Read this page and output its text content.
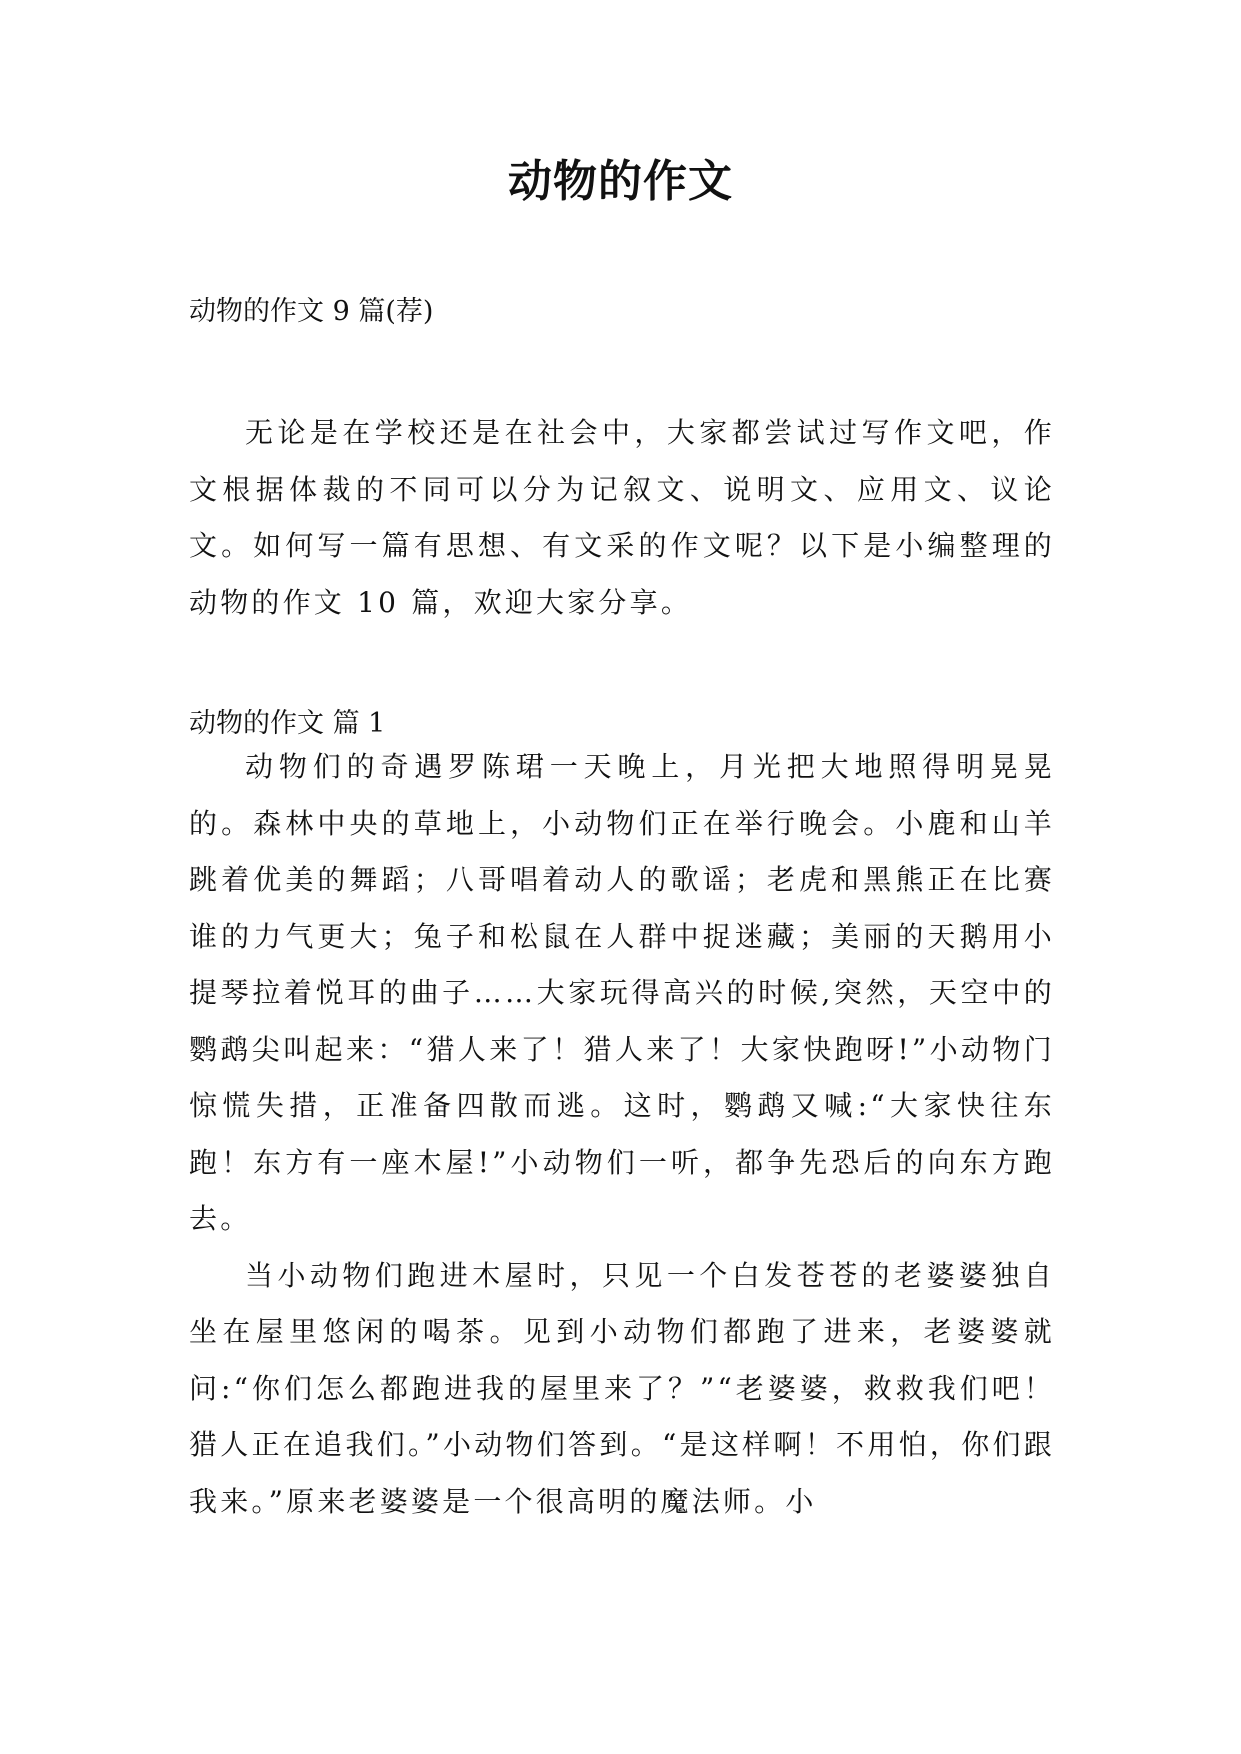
动物的作文

动物的作文 9 篇(荐)

无论是在学校还是在社会中，大家都尝试过写作文吧，作文根据体裁的不同可以分为记叙文、说明文、应用文、议论文。如何写一篇有思想、有文采的作文呢？以下是小编整理的动物的作文 10 篇，欢迎大家分享。

动物的作文 篇 1

动物们的奇遇罗陈珺一天晚上，月光把大地照得明晃晃的。森林中央的草地上，小动物们正在举行晚会。小鹿和山羊跳着优美的舞蹈；八哥唱着动人的歌谣；老虎和黑熊正在比赛谁的力气更大；兔子和松鼠在人群中捉迷藏；美丽的天鹅用小提琴拉着悦耳的曲子……大家玩得高兴的时候,突然，天空中的鹦鹉尖叫起来：“猎人来了！猎人来了！大家快跑呀!”小动物门惊慌失措，正准备四散而逃。这时，鹦鹉又喊:“大家快往东跑！东方有一座木屋!”小动物们一听，都争先恐后的向东方跑去。

当小动物们跑进木屋时，只见一个白发苍苍的老婆婆独自坐在屋里悠闲的喝茶。见到小动物们都跑了进来，老婆婆就问:“你们怎么都跑进我的屋里来了？”“老婆婆，救救我们吧！猎人正在追我们。”小动物们答到。“是这样啊！不用怕，你们跟我来。”原来老婆婆是一个很高明的魔法师。小
